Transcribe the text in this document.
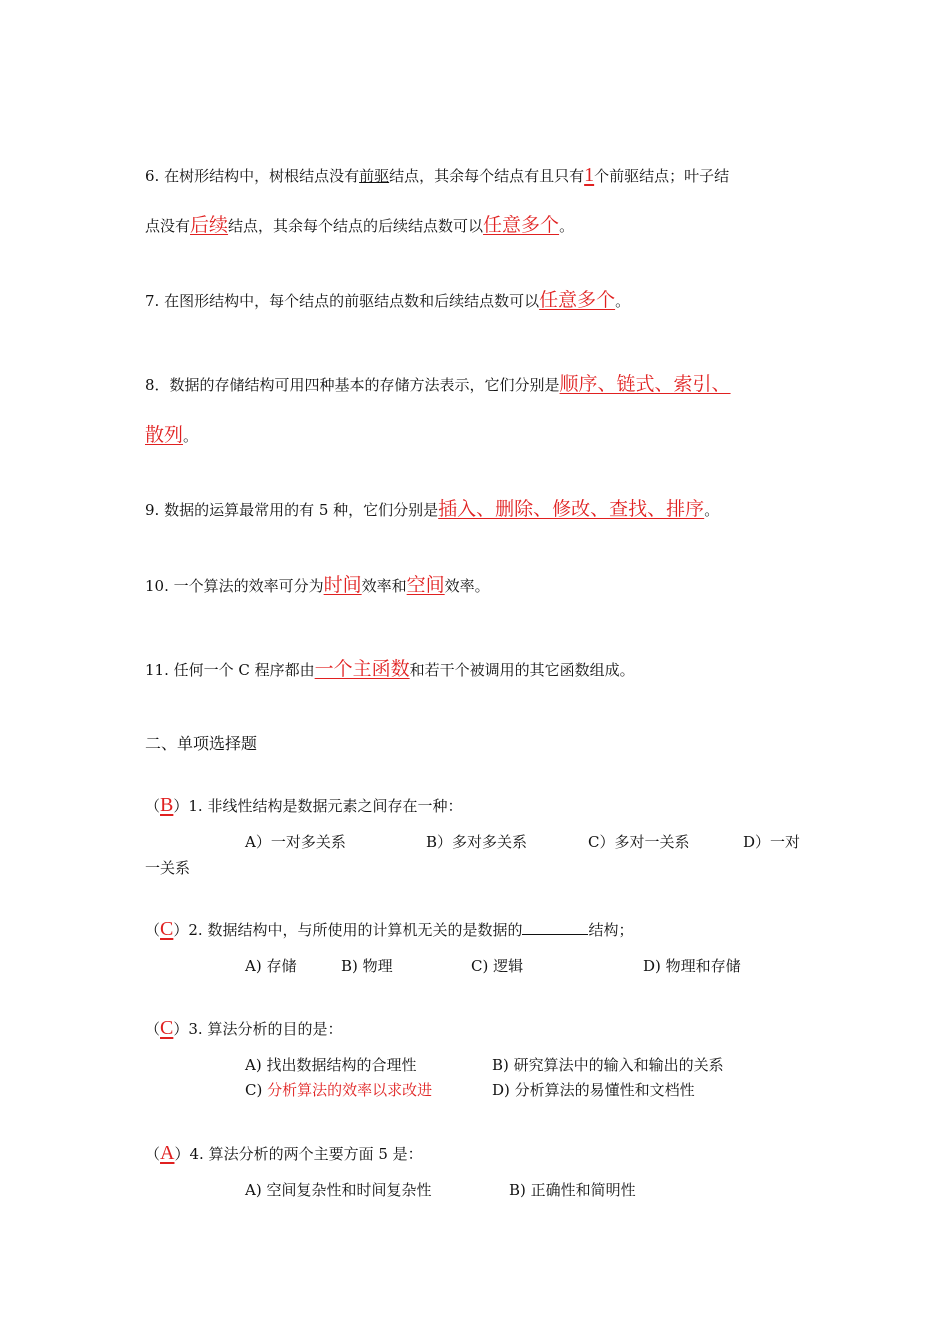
6. 在树形结构中，树根结点没有前驱结点，其余每个结点有且只有1个前驱结点；叶子结
点没有后续结点，其余每个结点的后续结点数可以任意多个。
7. 在图形结构中，每个结点的前驱结点数和后续结点数可以任意多个。
8．数据的存储结构可用四种基本的存储方法表示，它们分别是顺序、链式、索引、
散列。
9. 数据的运算最常用的有 5 种，它们分别是插入、删除、修改、查找、排序。
10. 一个算法的效率可分为时间效率和空间效率。
11. 任何一个 C 程序都由一个主函数和若干个被调用的其它函数组成。
二、单项选择题
（B）1. 非线性结构是数据元素之间存在一种：
A）一对多关系	B）多对多关系	C）多对一关系	D）一对
一关系
（C）2. 数据结构中，与所使用的计算机无关的是数据的	结构；
A) 存储	B) 物理	C) 逻辑	D) 物理和存储
（C）3. 算法分析的目的是：
A) 找出数据结构的合理性	B) 研究算法中的输入和输出的关系
C) 分析算法的效率以求改进	D) 分析算法的易懂性和文档性
（A）4. 算法分析的两个主要方面 5 是：
A) 空间复杂性和时间复杂性	B) 正确性和简明性
